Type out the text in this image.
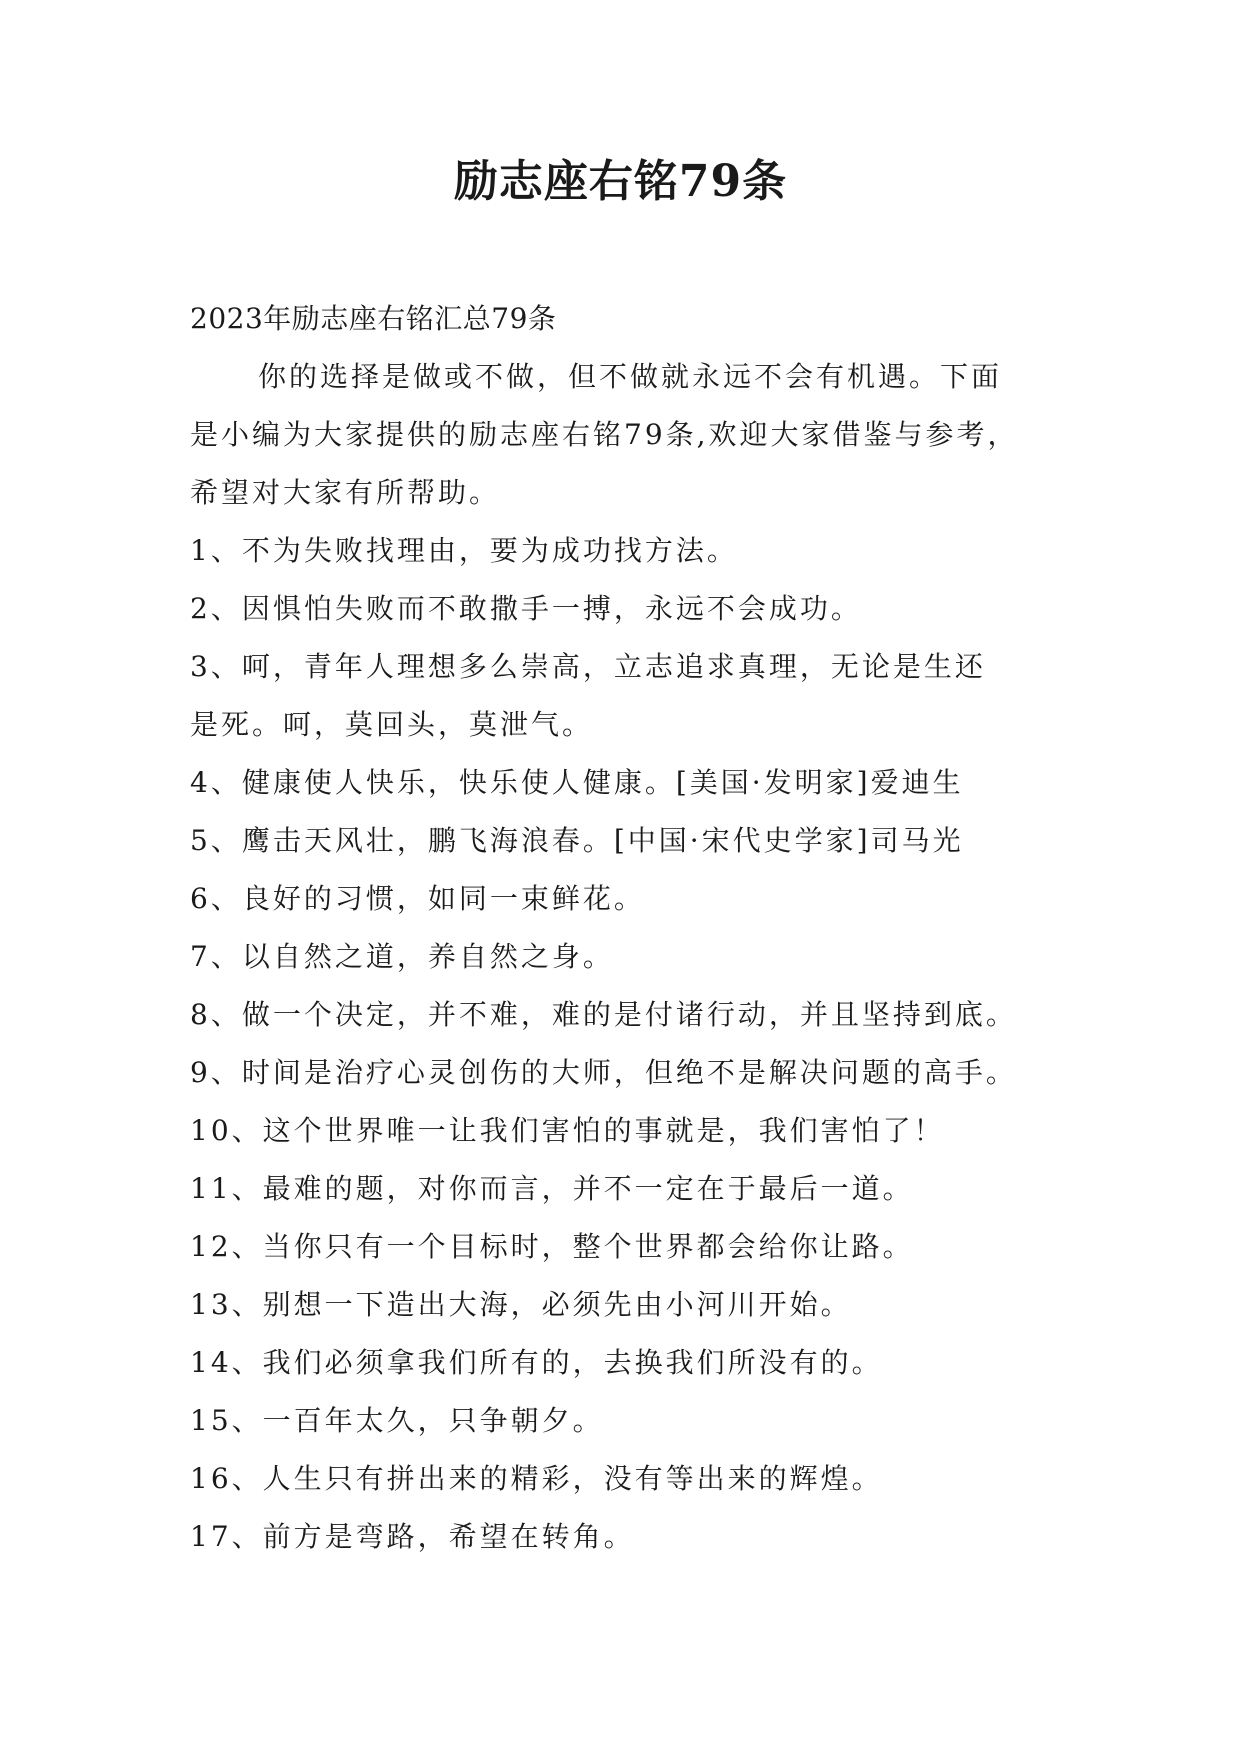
励志座右铭79条
2023年励志座右铭汇总79条
你的选择是做或不做，但不做就永远不会有机遇。下面
是小编为大家提供的励志座右铭79条,欢迎大家借鉴与参考，
希望对大家有所帮助。
1、不为失败找理由，要为成功找方法。
2、因惧怕失败而不敢撒手一搏，永远不会成功。
3、呵，青年人理想多么崇高，立志追求真理，无论是生还
是死。呵，莫回头，莫泄气。
4、健康使人快乐，快乐使人健康。[美国·发明家]爱迪生
5、鹰击天风壮，鹏飞海浪春。[中国·宋代史学家]司马光
6、良好的习惯，如同一束鲜花。
7、以自然之道，养自然之身。
8、做一个决定，并不难，难的是付诸行动，并且坚持到底。
9、时间是治疗心灵创伤的大师，但绝不是解决问题的高手。
10、这个世界唯一让我们害怕的事就是，我们害怕了！
11、最难的题，对你而言，并不一定在于最后一道。
12、当你只有一个目标时，整个世界都会给你让路。
13、别想一下造出大海，必须先由小河川开始。
14、我们必须拿我们所有的，去换我们所没有的。
15、一百年太久，只争朝夕。
16、人生只有拼出来的精彩，没有等出来的辉煌。
17、前方是弯路，希望在转角。
